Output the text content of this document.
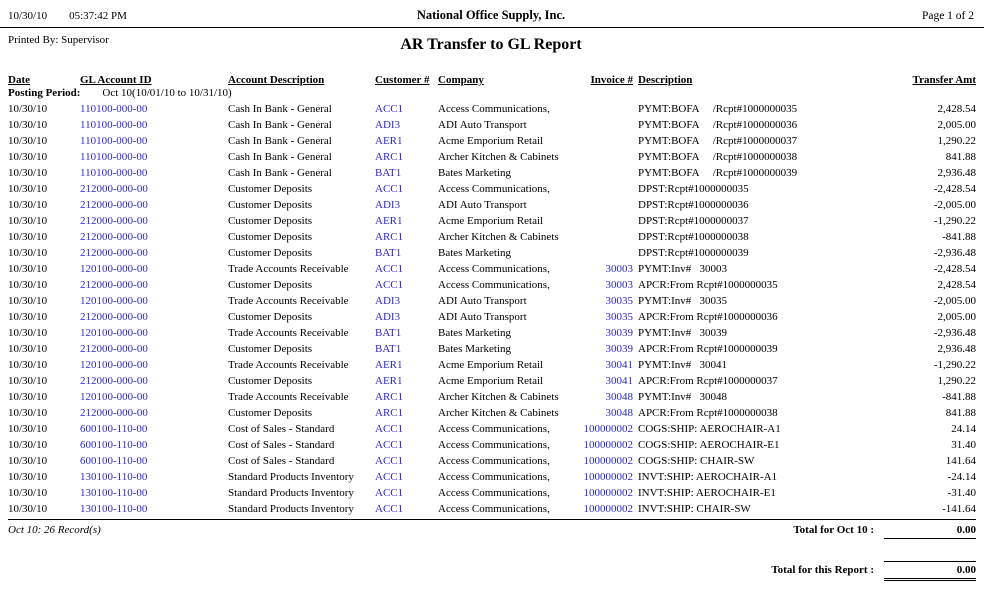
10/30/10 05:37:42 PM	National Office Supply, Inc.	Page 1 of 2
Printed By: Supervisor	AR Transfer to GL Report
Date	GL Account ID	Account Description	Customer #	Company	Invoice #	Description	Transfer Amt
Posting Period: Oct 10(10/01/10 to 10/31/10)							
10/30/10	110100-000-00	Cash In Bank - General	ACC1	Access Communications,		PYMT:BOFA     /Rcpt#1000000035	2,428.54
10/30/10	110100-000-00	Cash In Bank - General	ADI3	ADI Auto Transport		PYMT:BOFA     /Rcpt#1000000036	2,005.00
10/30/10	110100-000-00	Cash In Bank - General	AER1	Acme Emporium Retail		PYMT:BOFA     /Rcpt#1000000037	1,290.22
10/30/10	110100-000-00	Cash In Bank - General	ARC1	Archer Kitchen & Cabinets		PYMT:BOFA     /Rcpt#1000000038	841.88
10/30/10	110100-000-00	Cash In Bank - General	BAT1	Bates Marketing		PYMT:BOFA     /Rcpt#1000000039	2,936.48
10/30/10	212000-000-00	Customer Deposits	ACC1	Access Communications,		DPST:Rcpt#1000000035	-2,428.54
10/30/10	212000-000-00	Customer Deposits	ADI3	ADI Auto Transport		DPST:Rcpt#1000000036	-2,005.00
10/30/10	212000-000-00	Customer Deposits	AER1	Acme Emporium Retail		DPST:Rcpt#1000000037	-1,290.22
10/30/10	212000-000-00	Customer Deposits	ARC1	Archer Kitchen & Cabinets		DPST:Rcpt#1000000038	-841.88
10/30/10	212000-000-00	Customer Deposits	BAT1	Bates Marketing		DPST:Rcpt#1000000039	-2,936.48
10/30/10	120100-000-00	Trade Accounts Receivable	ACC1	Access Communications,	30003	PYMT:Inv#   30003	-2,428.54
10/30/10	212000-000-00	Customer Deposits	ACC1	Access Communications,	30003	APCR:From Rcpt#1000000035	2,428.54
10/30/10	120100-000-00	Trade Accounts Receivable	ADI3	ADI Auto Transport	30035	PYMT:Inv#   30035	-2,005.00
10/30/10	212000-000-00	Customer Deposits	ADI3	ADI Auto Transport	30035	APCR:From Rcpt#1000000036	2,005.00
10/30/10	120100-000-00	Trade Accounts Receivable	BAT1	Bates Marketing	30039	PYMT:Inv#   30039	-2,936.48
10/30/10	212000-000-00	Customer Deposits	BAT1	Bates Marketing	30039	APCR:From Rcpt#1000000039	2,936.48
10/30/10	120100-000-00	Trade Accounts Receivable	AER1	Acme Emporium Retail	30041	PYMT:Inv#   30041	-1,290.22
10/30/10	212000-000-00	Customer Deposits	AER1	Acme Emporium Retail	30041	APCR:From Rcpt#1000000037	1,290.22
10/30/10	120100-000-00	Trade Accounts Receivable	ARC1	Archer Kitchen & Cabinets	30048	PYMT:Inv#   30048	-841.88
10/30/10	212000-000-00	Customer Deposits	ARC1	Archer Kitchen & Cabinets	30048	APCR:From Rcpt#1000000038	841.88
10/30/10	600100-110-00	Cost of Sales - Standard	ACC1	Access Communications,	100000002	COGS:SHIP: AEROCHAIR-A1	24.14
10/30/10	600100-110-00	Cost of Sales - Standard	ACC1	Access Communications,	100000002	COGS:SHIP: AEROCHAIR-E1	31.40
10/30/10	600100-110-00	Cost of Sales - Standard	ACC1	Access Communications,	100000002	COGS:SHIP: CHAIR-SW	141.64
10/30/10	130100-110-00	Standard Products Inventory	ACC1	Access Communications,	100000002	INVT:SHIP: AEROCHAIR-A1	-24.14
10/30/10	130100-110-00	Standard Products Inventory	ACC1	Access Communications,	100000002	INVT:SHIP: AEROCHAIR-E1	-31.40
10/30/10	130100-110-00	Standard Products Inventory	ACC1	Access Communications,	100000002	INVT:SHIP: CHAIR-SW	-141.64
Oct 10: 26 Record(s)	Total for Oct 10 :	0.00
Total for this Report :	0.00
